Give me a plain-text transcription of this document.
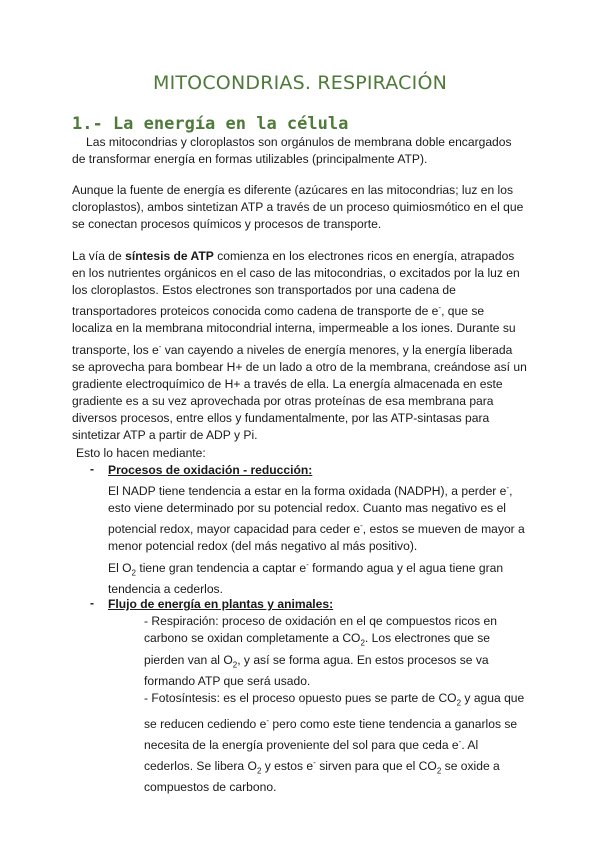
MITOCONDRIAS. RESPIRACIÓN
1.- La energía en la célula
Las mitocondrias y cloroplastos son orgánulos de membrana doble encargados
de transformar energía en formas utilizables (principalmente ATP).
Aunque la fuente de energía es diferente (azúcares en las mitocondrias; luz en los
cloroplastos), ambos sintetizan ATP a través de un proceso quimiosmótico en el que
se conectan procesos químicos y procesos de transporte.
La vía de síntesis de ATP comienza en los electrones ricos en energía, atrapados
en los nutrientes orgánicos en el caso de las mitocondrias, o excitados por la luz en
los cloroplastos. Estos electrones son transportados por una cadena de
transportadores proteicos conocida como cadena de transporte de e-, que se
localiza en la membrana mitocondrial interna, impermeable a los iones. Durante su
transporte, los e- van cayendo a niveles de energía menores, y la energía liberada
se aprovecha para bombear H+ de un lado a otro de la membrana, creándose así un
gradiente electroquímico de H+ a través de ella. La energía almacenada en este
gradiente es a su vez aprovechada por otras proteínas de esa membrana para
diversos procesos, entre ellos y fundamentalmente, por las ATP-sintasas para
sintetizar ATP a partir de ADP y Pi.
Esto lo hacen mediante:
- Procesos de oxidación - reducción:
El NADP tiene tendencia a estar en la forma oxidada (NADPH), a perder e-,
esto viene determinado por su potencial redox. Cuanto mas negativo es el
potencial redox, mayor capacidad para ceder e-, estos se mueven de mayor a
menor potencial redox (del más negativo al más positivo).
El $O_2$ tiene gran tendencia a captar e- formando agua y el agua tiene gran
tendencia a cederlos.
- Flujo de energía en plantas y animales:
- Respiración: proceso de oxidación en el qe compuestos ricos en
carbono se oxidan completamente a $CO_2$. Los electrones que se
pierden van al $O_2$, y así se forma agua. En estos procesos se va
formando ATP que será usado.
- Fotosíntesis: es el proceso opuesto pues se parte de $CO_2$ y agua que
se reducen cediendo e- pero como este tiene tendencia a ganarlos se
necesita de la energía proveniente del sol para que ceda e-. Al
cederlos. Se libera $O_2$ y estos e- sirven para que el $CO_2$ se oxide a
compuestos de carbono.
